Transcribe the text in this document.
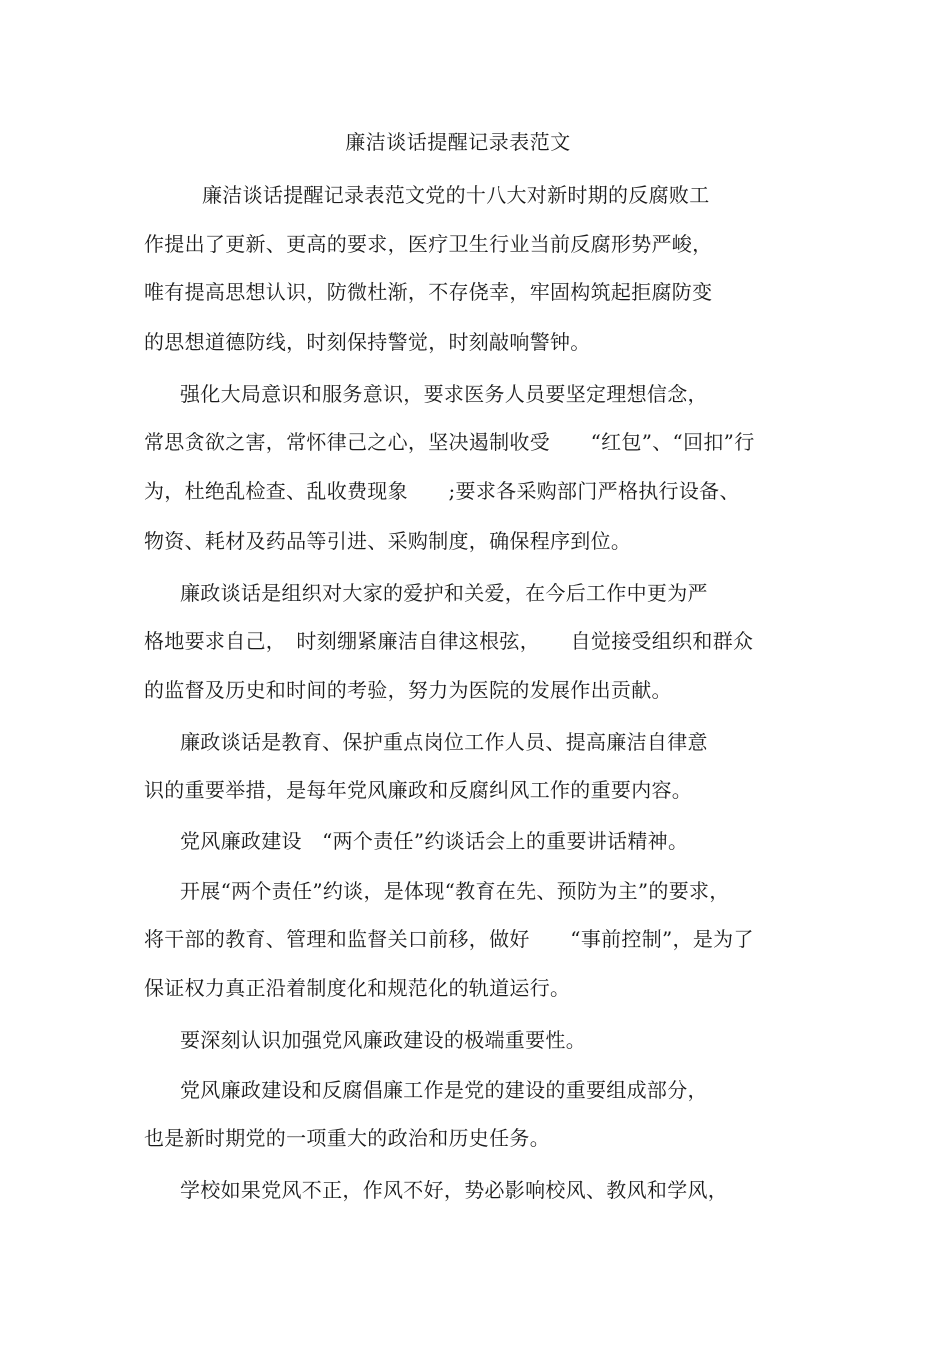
廉洁谈话提醒记录表范文
廉洁谈话提醒记录表范文党的十八大对新时期的反腐败工
作提出了更新、更高的要求，医疗卫生行业当前反腐形势严峻，
唯有提高思想认识，防微杜渐，不存侥幸，牢固构筑起拒腐防变
的思想道德防线，时刻保持警觉，时刻敲响警钟。
强化大局意识和服务意识，要求医务人员要坚定理想信念，
常思贪欲之害，常怀律己之心，坚决遏制收受　　“红包”、“回扣”行
为，杜绝乱检查、乱收费现象　　;要求各采购部门严格执行设备、
物资、耗材及药品等引进、采购制度，确保程序到位。
廉政谈话是组织对大家的爱护和关爱，在今后工作中更为严
格地要求自己，　时刻绷紧廉洁自律这根弦，　　自觉接受组织和群众
的监督及历史和时间的考验，努力为医院的发展作出贡献。
廉政谈话是教育、保护重点岗位工作人员、提高廉洁自律意
识的重要举措，是每年党风廉政和反腐纠风工作的重要内容。
党风廉政建设　“两个责任”约谈话会上的重要讲话精神。
开展“两个责任”约谈，是体现“教育在先、预防为主”的要求，
将干部的教育、管理和监督关口前移，做好　　“事前控制”，是为了
保证权力真正沿着制度化和规范化的轨道运行。
要深刻认识加强党风廉政建设的极端重要性。
党风廉政建设和反腐倡廉工作是党的建设的重要组成部分，
也是新时期党的一项重大的政治和历史任务。
学校如果党风不正，作风不好，势必影响校风、教风和学风，
